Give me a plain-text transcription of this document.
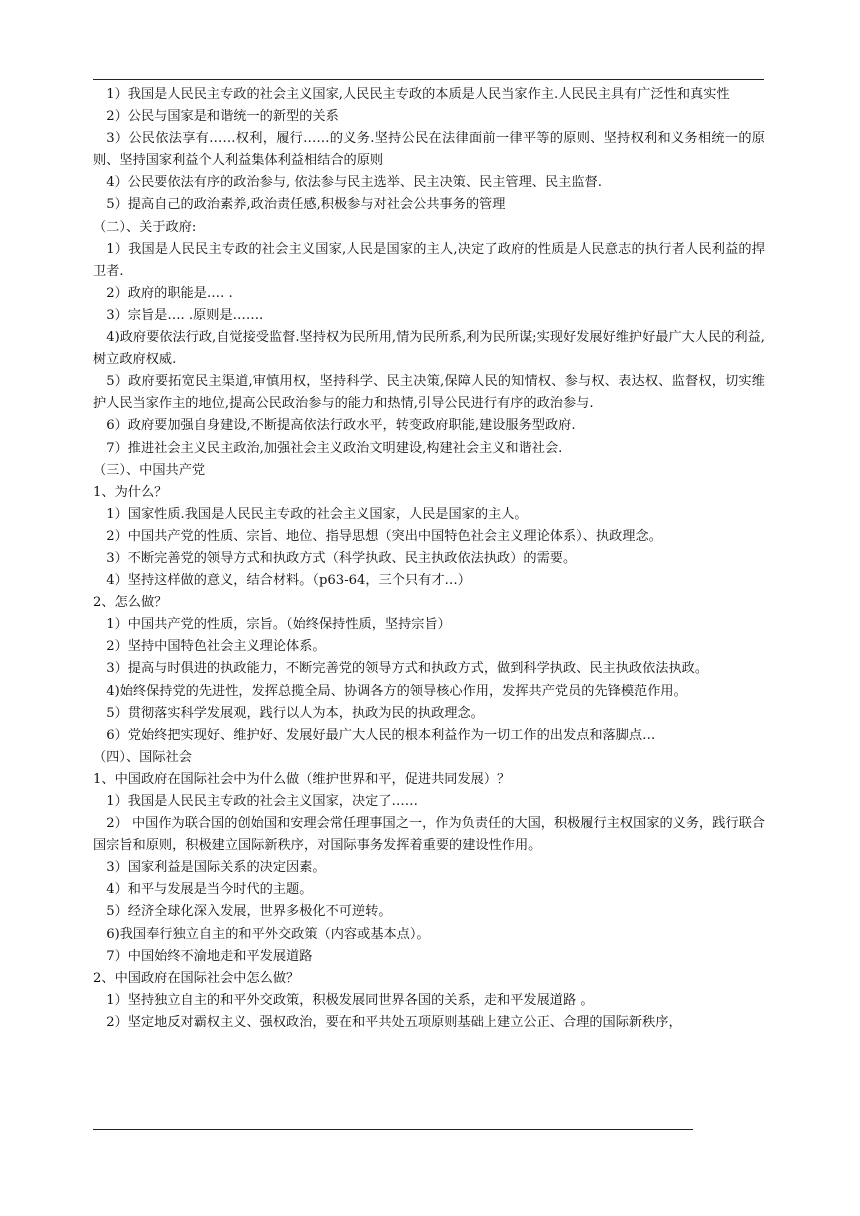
1）我国是人民民主专政的社会主义国家,人民民主专政的本质是人民当家作主.人民民主具有广泛性和真实性

2）公民与国家是和谐统一的新型的关系

3）公民依法享有……权利，履行……的义务.坚持公民在法律面前一律平等的原则、坚持权利和义务相统一的原则、坚持国家利益个人利益集体利益相结合的原则

4）公民要依法有序的政治参与, 依法参与民主选举、民主决策、民主管理、民主监督.

5）提高自己的政治素养,政治责任感,积极参与对社会公共事务的管理

（二）、关于政府:

1）我国是人民民主专政的社会主义国家,人民是国家的主人,决定了政府的性质是人民意志的执行者人民利益的捍卫者.

2）政府的职能是…. .

3）宗旨是…. .原则是…….

4)政府要依法行政,自觉接受监督.坚持权为民所用,情为民所系,利为民所谋;实现好发展好维护好最广大人民的利益,树立政府权威.

5）政府要拓宽民主渠道,审慎用权，坚持科学、民主决策,保障人民的知情权、参与权、表达权、监督权，切实维护人民当家作主的地位,提高公民政治参与的能力和热情,引导公民进行有序的政治参与.

6）政府要加强自身建设,不断提高依法行政水平，转变政府职能,建设服务型政府.

7）推进社会主义民主政治,加强社会主义政治文明建设,构建社会主义和谐社会.

（三）、中国共产党

1、为什么？

1）国家性质.我国是人民民主专政的社会主义国家，人民是国家的主人。

2）中国共产党的性质、宗旨、地位、指导思想（突出中国特色社会主义理论体系）、执政理念。

3）不断完善党的领导方式和执政方式（科学执政、民主执政依法执政）的需要。

4）坚持这样做的意义，结合材料。（p63-64，三个只有才…）

2、怎么做？

1）中国共产党的性质，宗旨。（始终保持性质，坚持宗旨）

2）坚持中国特色社会主义理论体系。

3）提高与时俱进的执政能力，不断完善党的领导方式和执政方式，做到科学执政、民主执政依法执政。

4)始终保持党的先进性，发挥总揽全局、协调各方的领导核心作用，发挥共产党员的先锋模范作用。

5）贯彻落实科学发展观，践行以人为本，执政为民的执政理念。

6）党始终把实现好、维护好、发展好最广大人民的根本利益作为一切工作的出发点和落脚点…

（四）、国际社会

1、中国政府在国际社会中为什么做（维护世界和平，促进共同发展）？

1）我国是人民民主专政的社会主义国家，决定了……

2） 中国作为联合国的创始国和安理会常任理事国之一，作为负责任的大国，积极履行主权国家的义务，践行联合国宗旨和原则，积极建立国际新秩序，对国际事务发挥着重要的建设性作用。

3）国家利益是国际关系的决定因素。

4）和平与发展是当今时代的主题。

5）经济全球化深入发展，世界多极化不可逆转。

6)我国奉行独立自主的和平外交政策（内容或基本点）。

7）中国始终不渝地走和平发展道路

2、中国政府在国际社会中怎么做？

1）坚持独立自主的和平外交政策，积极发展同世界各国的关系，走和平发展道路 。

2）坚定地反对霸权主义、强权政治，要在和平共处五项原则基础上建立公正、合理的国际新秩序，
